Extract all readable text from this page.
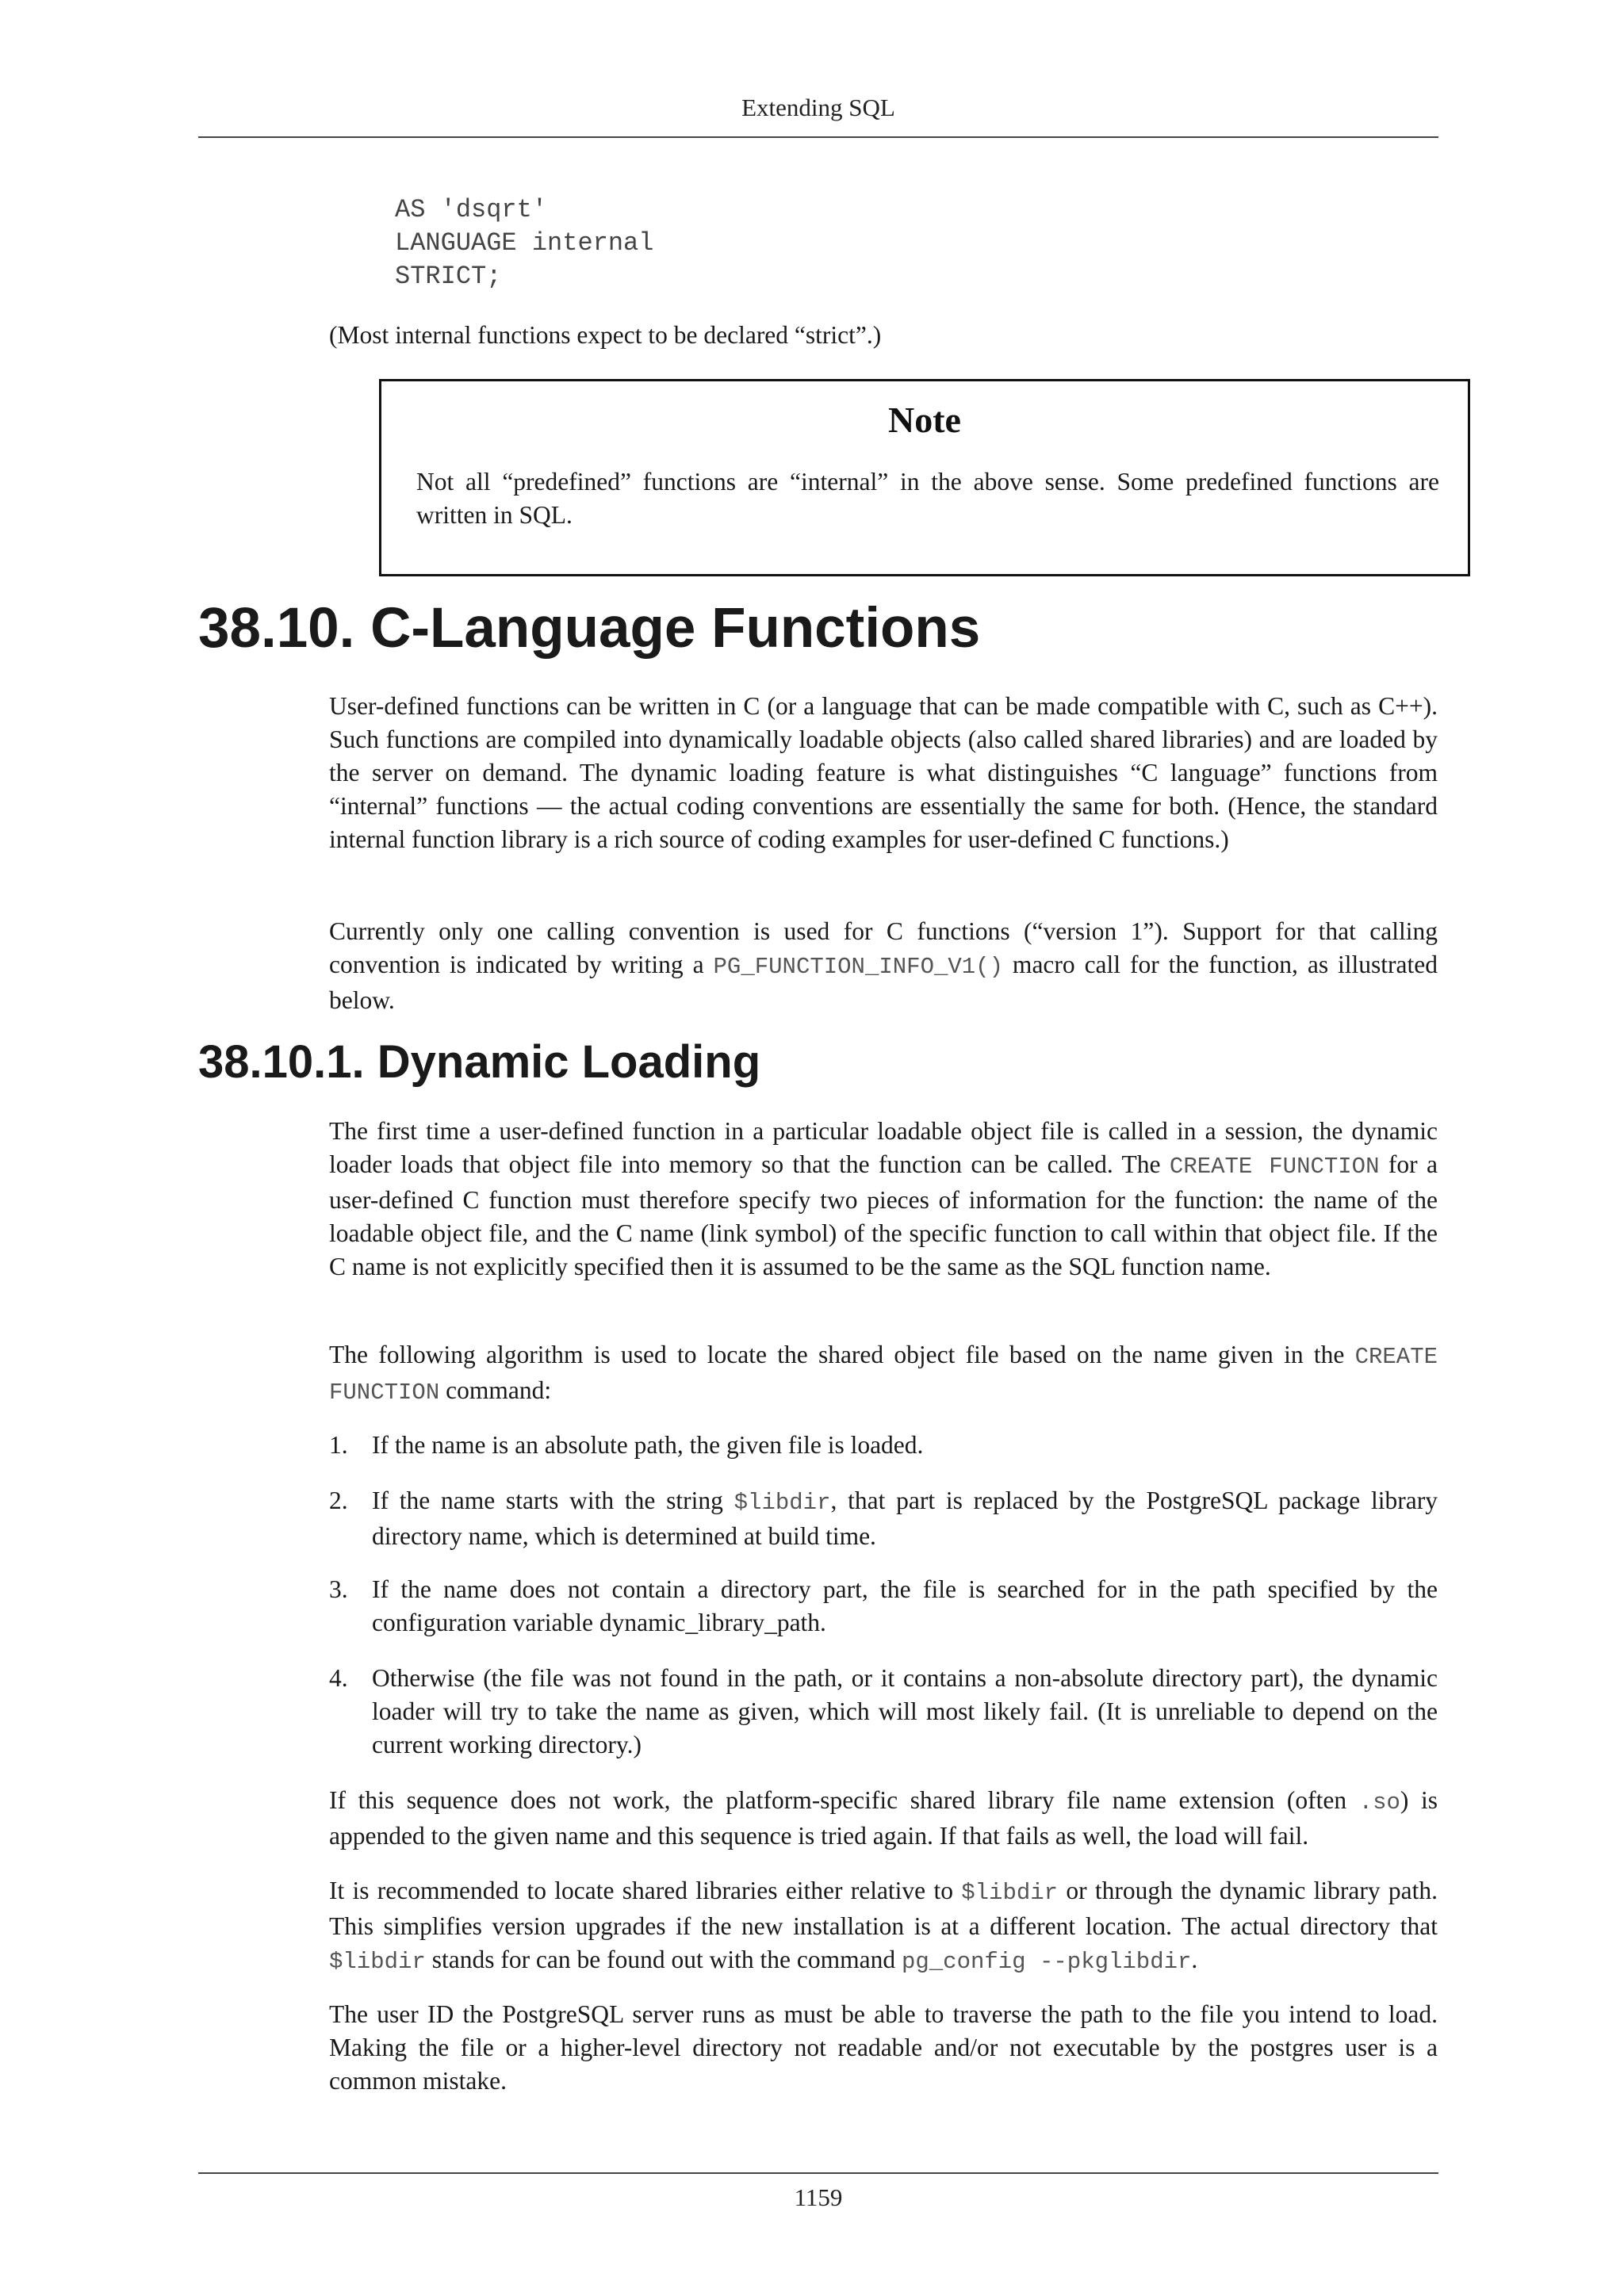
Extending SQL
AS 'dsqrt'
LANGUAGE internal
STRICT;

(Most internal functions expect to be declared “strict”.)

Note

Not all “predefined” functions are “internal” in the above sense. Some predefined functions are written in SQL.

38.10. C-Language Functions

User-defined functions can be written in C (or a language that can be made compatible with C, such as C++). Such functions are compiled into dynamically loadable objects (also called shared libraries) and are loaded by the server on demand. The dynamic loading feature is what distinguishes “C language” functions from “internal” functions — the actual coding conventions are essentially the same for both. (Hence, the standard internal function library is a rich source of coding examples for user-defined C functions.)

Currently only one calling convention is used for C functions (“version 1”). Support for that calling convention is indicated by writing a PG_FUNCTION_INFO_V1() macro call for the function, as illustrated below.

38.10.1. Dynamic Loading

The first time a user-defined function in a particular loadable object file is called in a session, the dynamic loader loads that object file into memory so that the function can be called. The CREATE FUNCTION for a user-defined C function must therefore specify two pieces of information for the function: the name of the loadable object file, and the C name (link symbol) of the specific function to call within that object file. If the C name is not explicitly specified then it is assumed to be the same as the SQL function name.

The following algorithm is used to locate the shared object file based on the name given in the CREATE FUNCTION command:

1. If the name is an absolute path, the given file is loaded.

2. If the name starts with the string $libdir, that part is replaced by the PostgreSQL package library directory name, which is determined at build time.

3. If the name does not contain a directory part, the file is searched for in the path specified by the configuration variable dynamic_library_path.

4. Otherwise (the file was not found in the path, or it contains a non-absolute directory part), the dynamic loader will try to take the name as given, which will most likely fail. (It is unreliable to depend on the current working directory.)

If this sequence does not work, the platform-specific shared library file name extension (often .so) is appended to the given name and this sequence is tried again. If that fails as well, the load will fail.

It is recommended to locate shared libraries either relative to $libdir or through the dynamic library path. This simplifies version upgrades if the new installation is at a different location. The actual directory that $libdir stands for can be found out with the command pg_config --pkglibdir.

The user ID the PostgreSQL server runs as must be able to traverse the path to the file you intend to load. Making the file or a higher-level directory not readable and/or not executable by the postgres user is a common mistake.

1159
